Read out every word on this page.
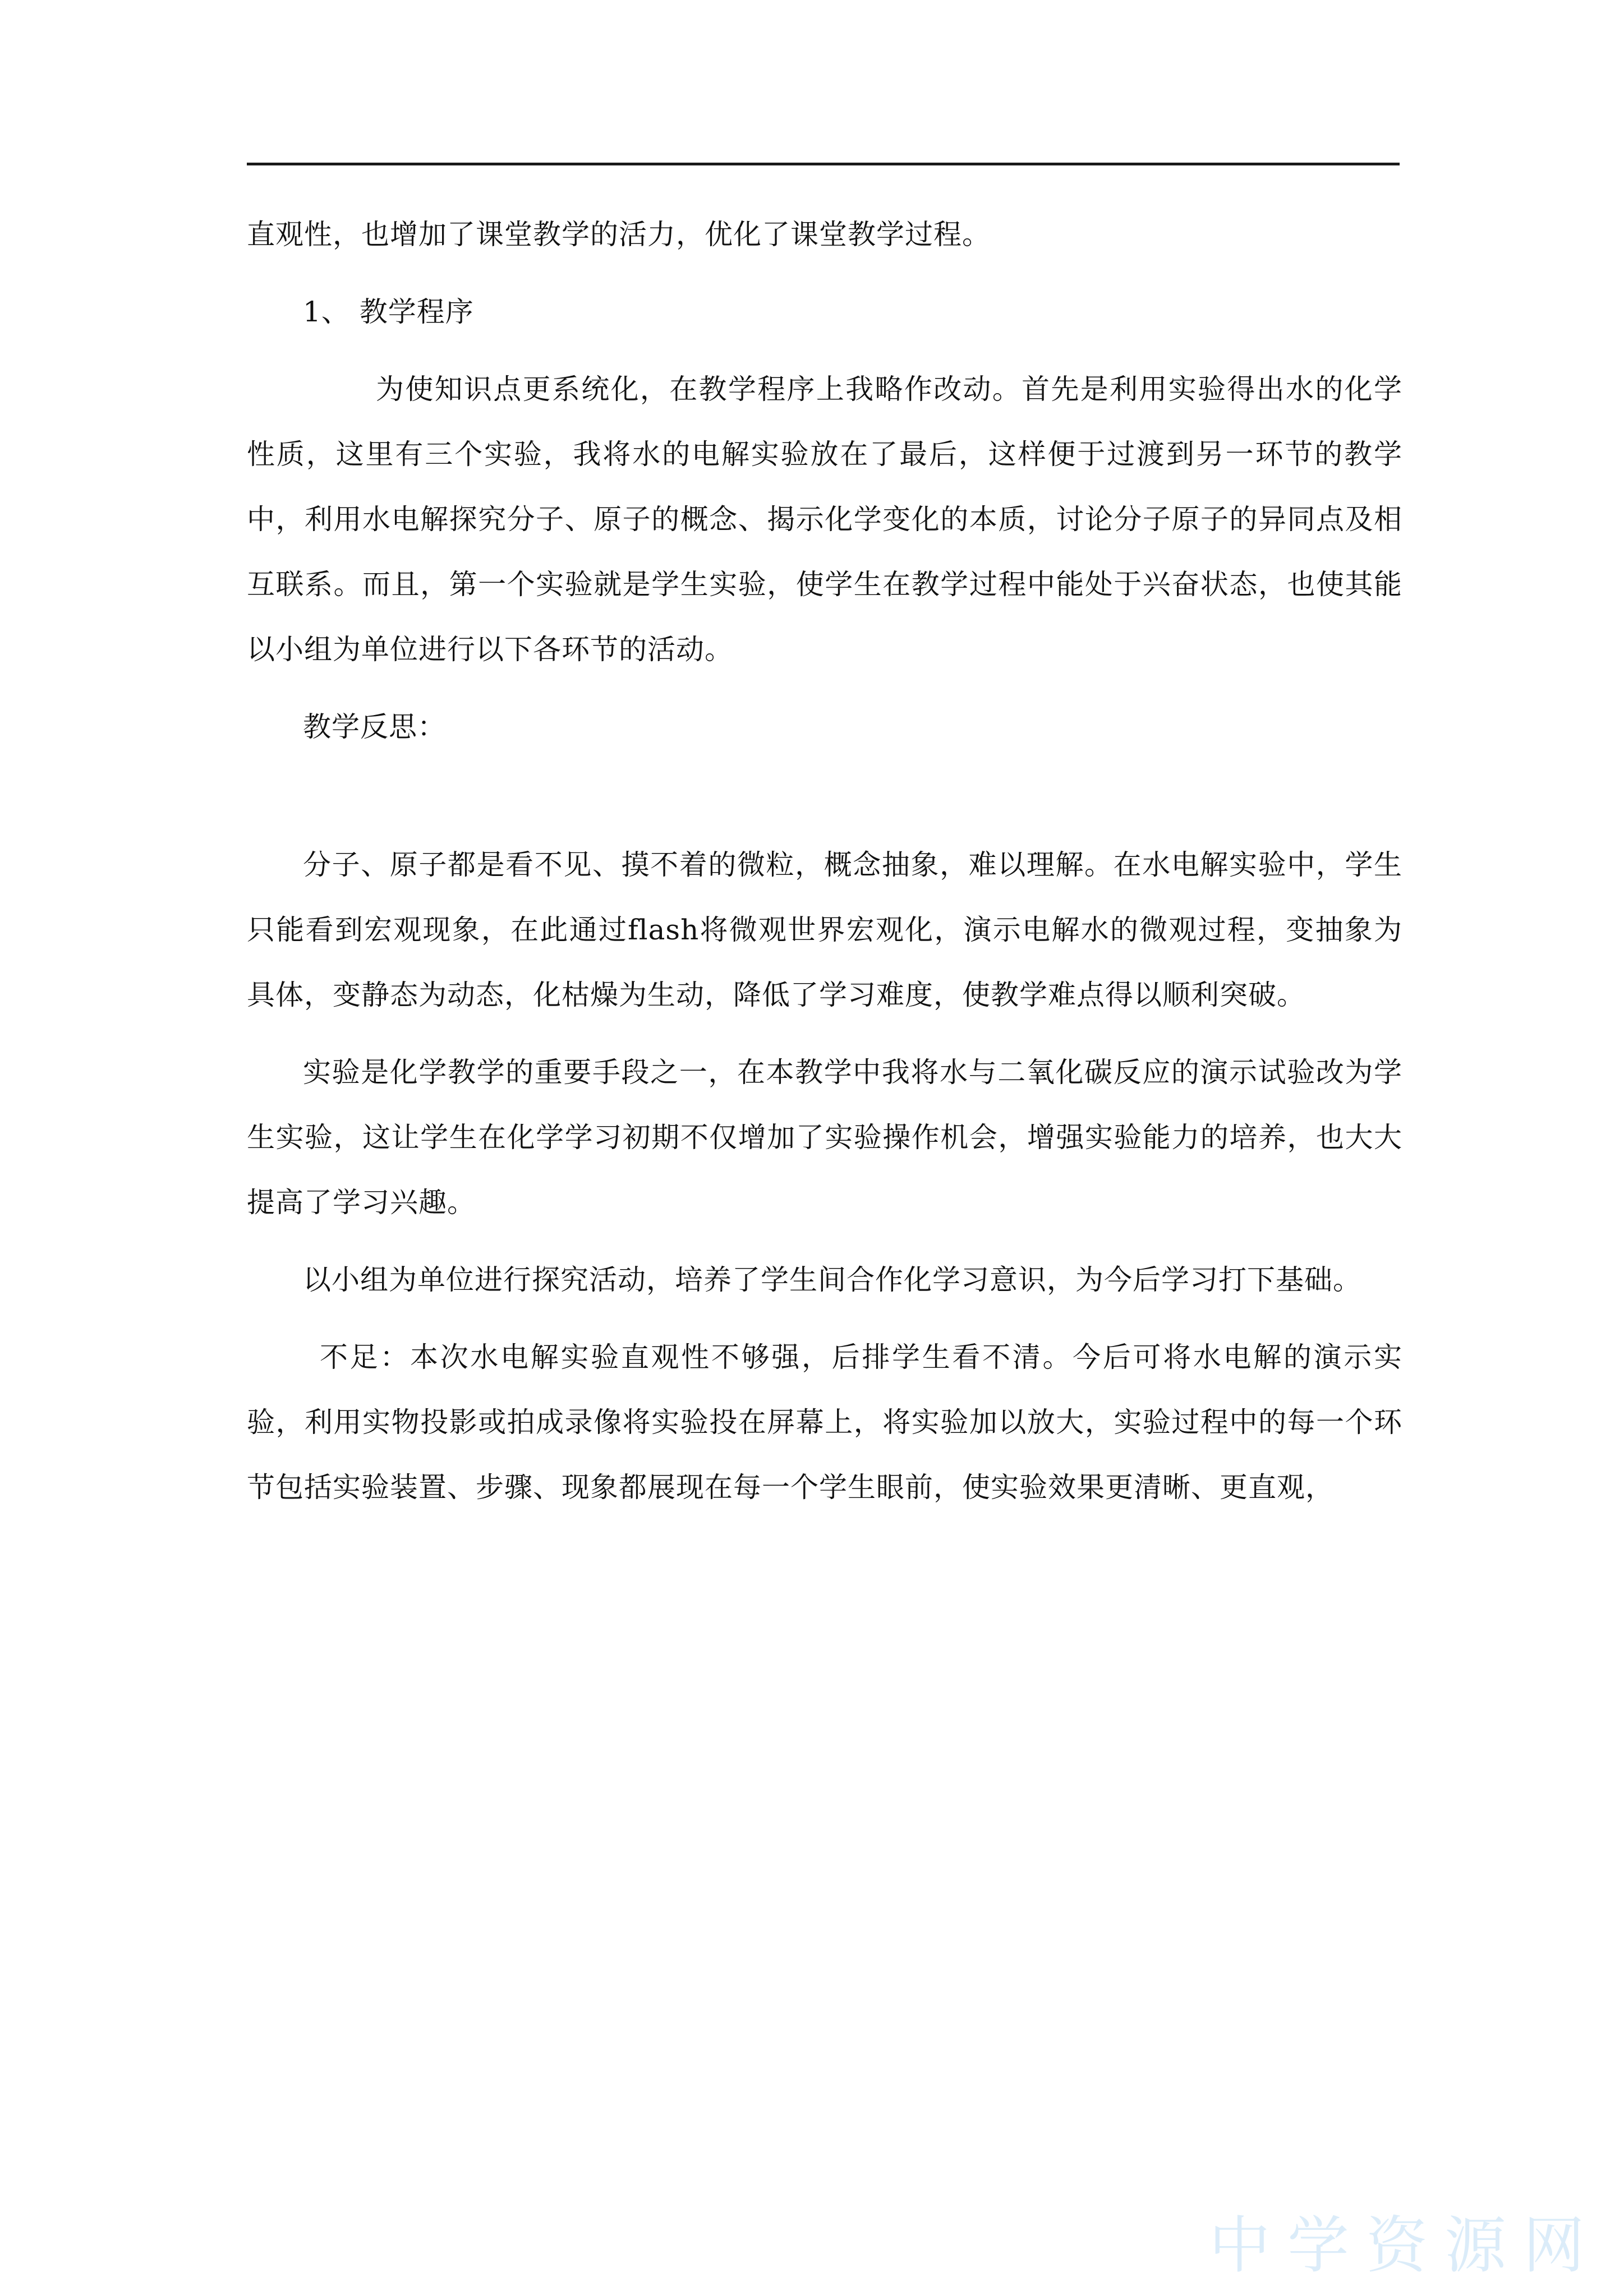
直观性，也增加了课堂教学的活力，优化了课堂教学过程。

1、 教学程序

为使知识点更系统化，在教学程序上我略作改动。首先是利用实验得出水的化学性质，这里有三个实验，我将水的电解实验放在了最后，这样便于过渡到另一环节的教学中，利用水电解探究分子、原子的概念、揭示化学变化的本质，讨论分子原子的异同点及相互联系。而且，第一个实验就是学生实验，使学生在教学过程中能处于兴奋状态，也使其能以小组为单位进行以下各环节的活动。

教学反思：

分子、原子都是看不见、摸不着的微粒，概念抽象，难以理解。在水电解实验中，学生只能看到宏观现象，在此通过flash将微观世界宏观化，演示电解水的微观过程，变抽象为具体，变静态为动态，化枯燥为生动，降低了学习难度，使教学难点得以顺利突破。

实验是化学教学的重要手段之一，在本教学中我将水与二氧化碳反应的演示试验改为学生实验，这让学生在化学学习初期不仅增加了实验操作机会，增强实验能力的培养，也大大提高了学习兴趣。

以小组为单位进行探究活动，培养了学生间合作化学习意识，为今后学习打下基础。

不足：本次水电解实验直观性不够强，后排学生看不清。今后可将水电解的演示实验，利用实物投影或拍成录像将实验投在屏幕上，将实验加以放大，实验过程中的每一个环节包括实验装置、步骤、现象都展现在每一个学生眼前，使实验效果更清晰、更直观，

中学资源网
